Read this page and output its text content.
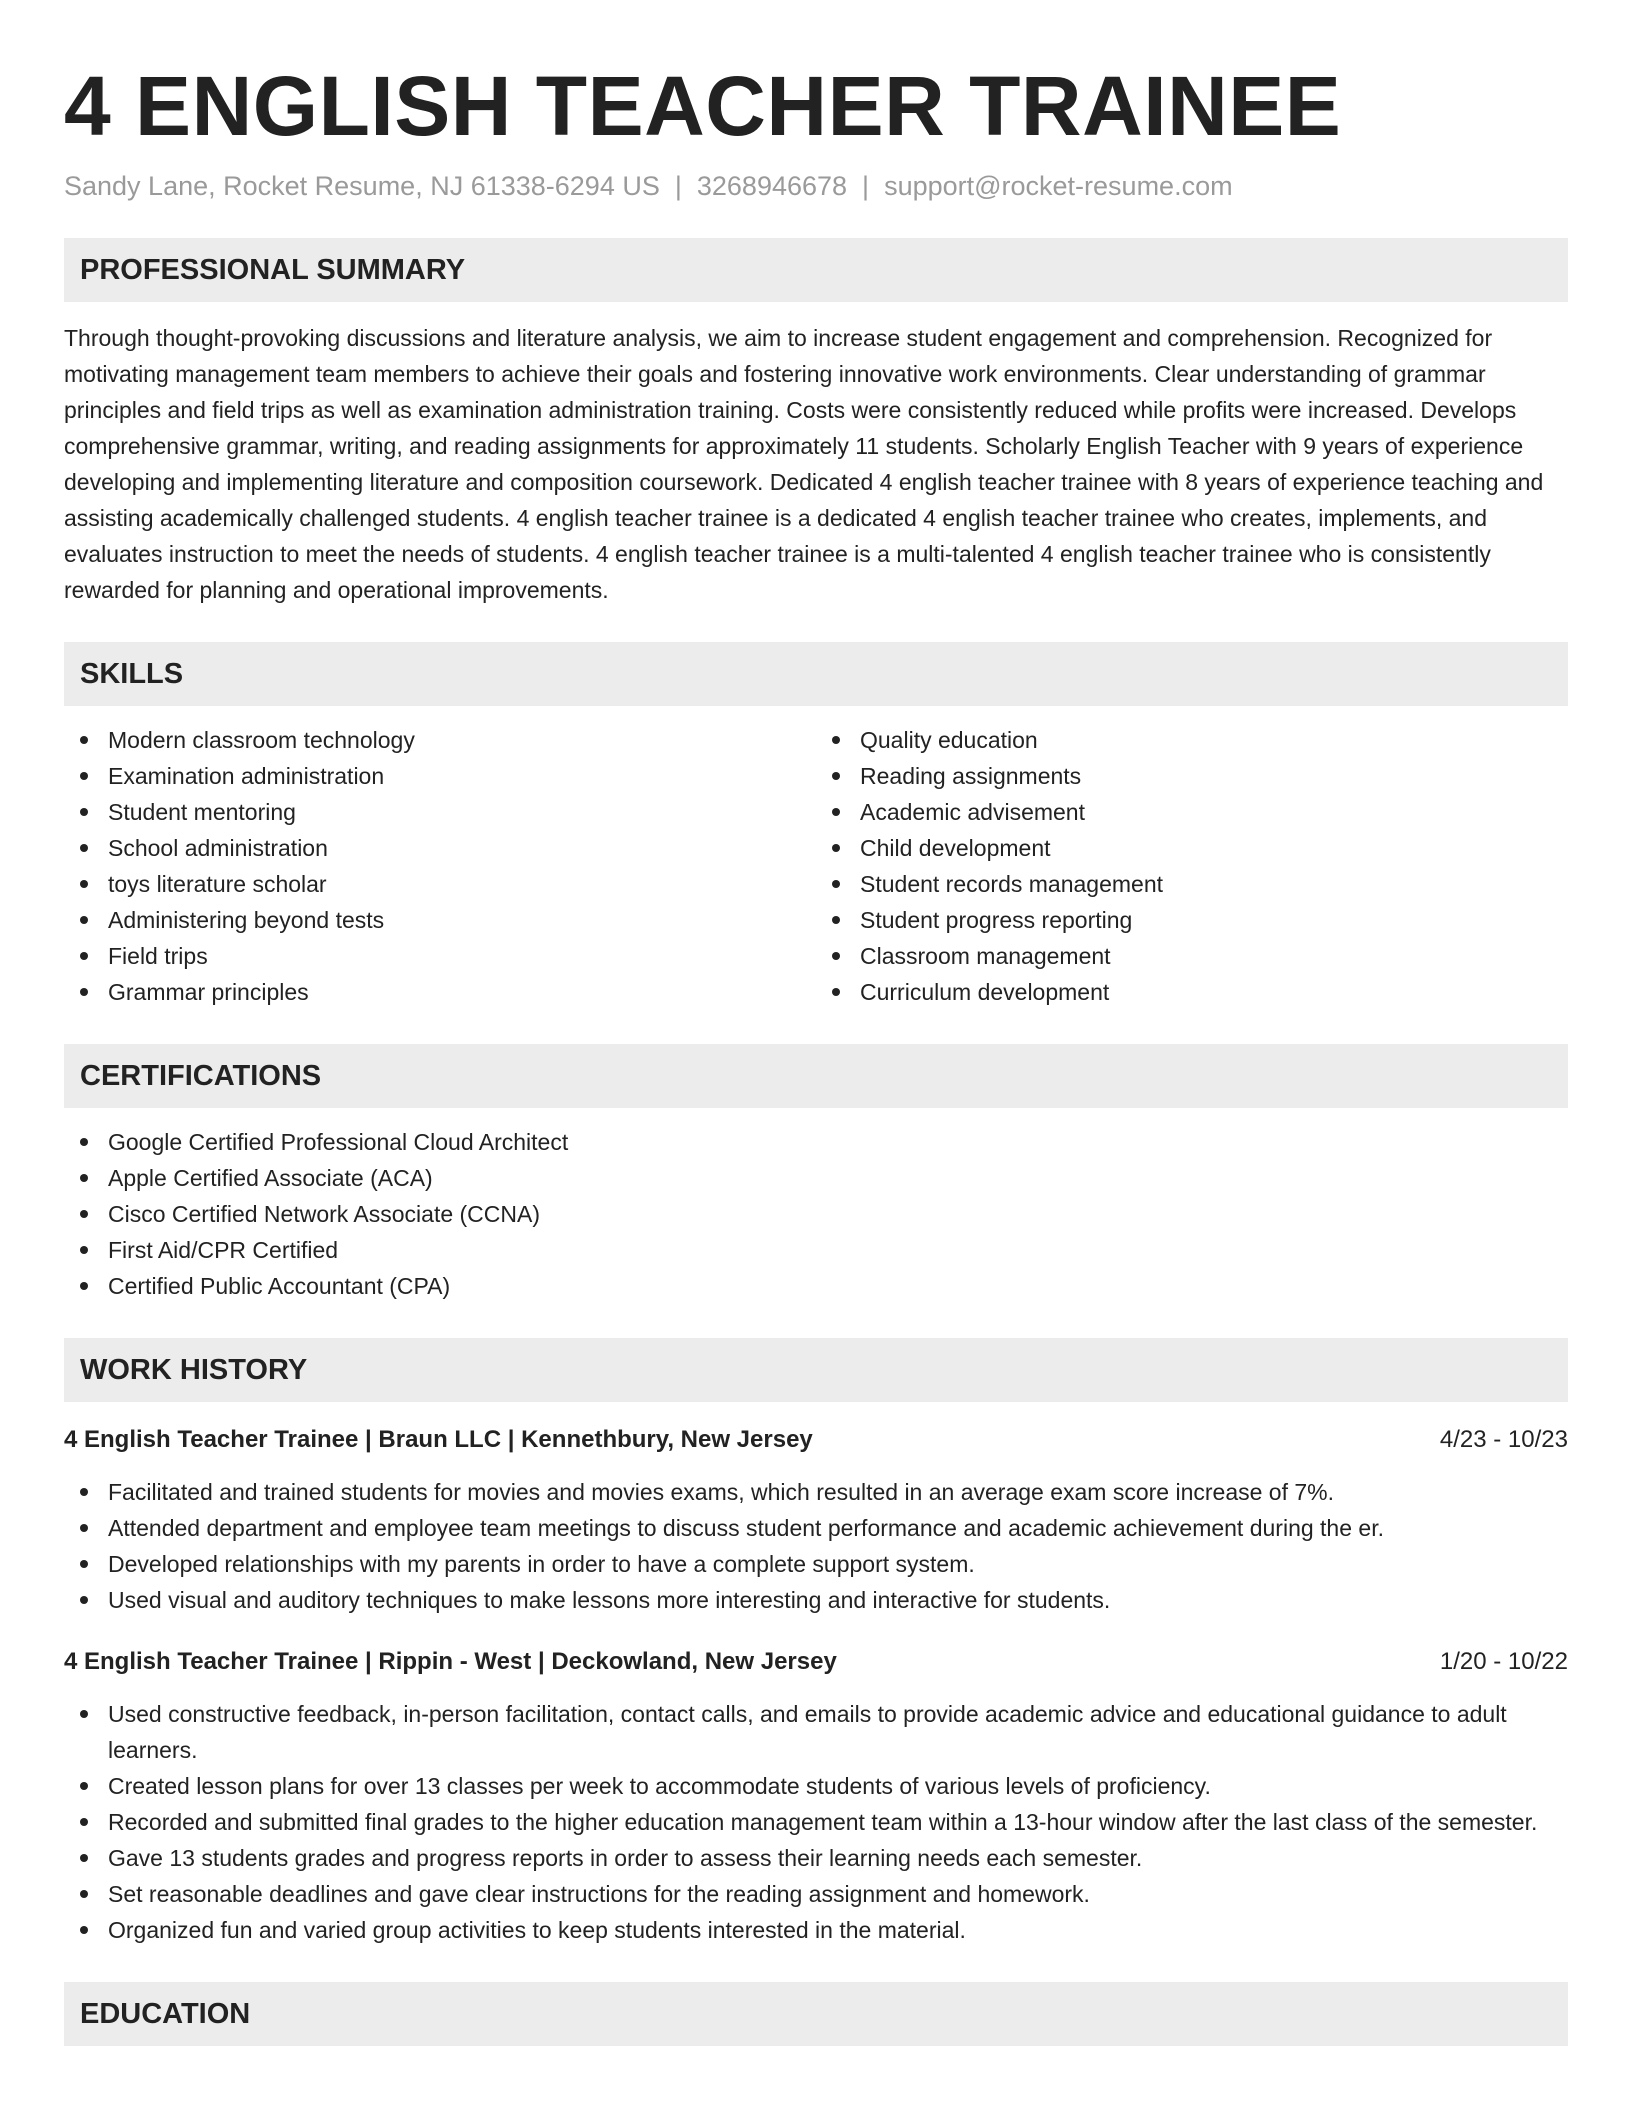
4 ENGLISH TEACHER TRAINEE
Sandy Lane, Rocket Resume, NJ 61338-6294 US | 3268946678 | support@rocket-resume.com
PROFESSIONAL SUMMARY

Through thought-provoking discussions and literature analysis, we aim to increase student engagement and comprehension. Recognized for motivating management team members to achieve their goals and fostering innovative work environments. Clear understanding of grammar principles and field trips as well as examination administration training. Costs were consistently reduced while profits were increased. Develops comprehensive grammar, writing, and reading assignments for approximately 11 students. Scholarly English Teacher with 9 years of experience developing and implementing literature and composition coursework. Dedicated 4 english teacher trainee with 8 years of experience teaching and assisting academically challenged students. 4 english teacher trainee is a dedicated 4 english teacher trainee who creates, implements, and evaluates instruction to meet the needs of students. 4 english teacher trainee is a multi-talented 4 english teacher trainee who is consistently rewarded for planning and operational improvements.

SKILLS
Modern classroom technology
Examination administration
Student mentoring
School administration
toys literature scholar
Administering beyond tests
Field trips
Grammar principles
Quality education
Reading assignments
Academic advisement
Child development
Student records management
Student progress reporting
Classroom management
Curriculum development
CERTIFICATIONS
Google Certified Professional Cloud Architect
Apple Certified Associate (ACA)
Cisco Certified Network Associate (CCNA)
First Aid/CPR Certified
Certified Public Accountant (CPA)
WORK HISTORY
4 English Teacher Trainee | Braun LLC | Kennethbury, New Jersey	4/23 - 10/23
Facilitated and trained students for movies and movies exams, which resulted in an average exam score increase of 7%.
Attended department and employee team meetings to discuss student performance and academic achievement during the er.
Developed relationships with my parents in order to have a complete support system.
Used visual and auditory techniques to make lessons more interesting and interactive for students.
4 English Teacher Trainee | Rippin - West | Deckowland, New Jersey	1/20 - 10/22
Used constructive feedback, in-person facilitation, contact calls, and emails to provide academic advice and educational guidance to adult learners.
Created lesson plans for over 13 classes per week to accommodate students of various levels of proficiency.
Recorded and submitted final grades to the higher education management team within a 13-hour window after the last class of the semester.
Gave 13 students grades and progress reports in order to assess their learning needs each semester.
Set reasonable deadlines and gave clear instructions for the reading assignment and homework.
Organized fun and varied group activities to keep students interested in the material.
EDUCATION
